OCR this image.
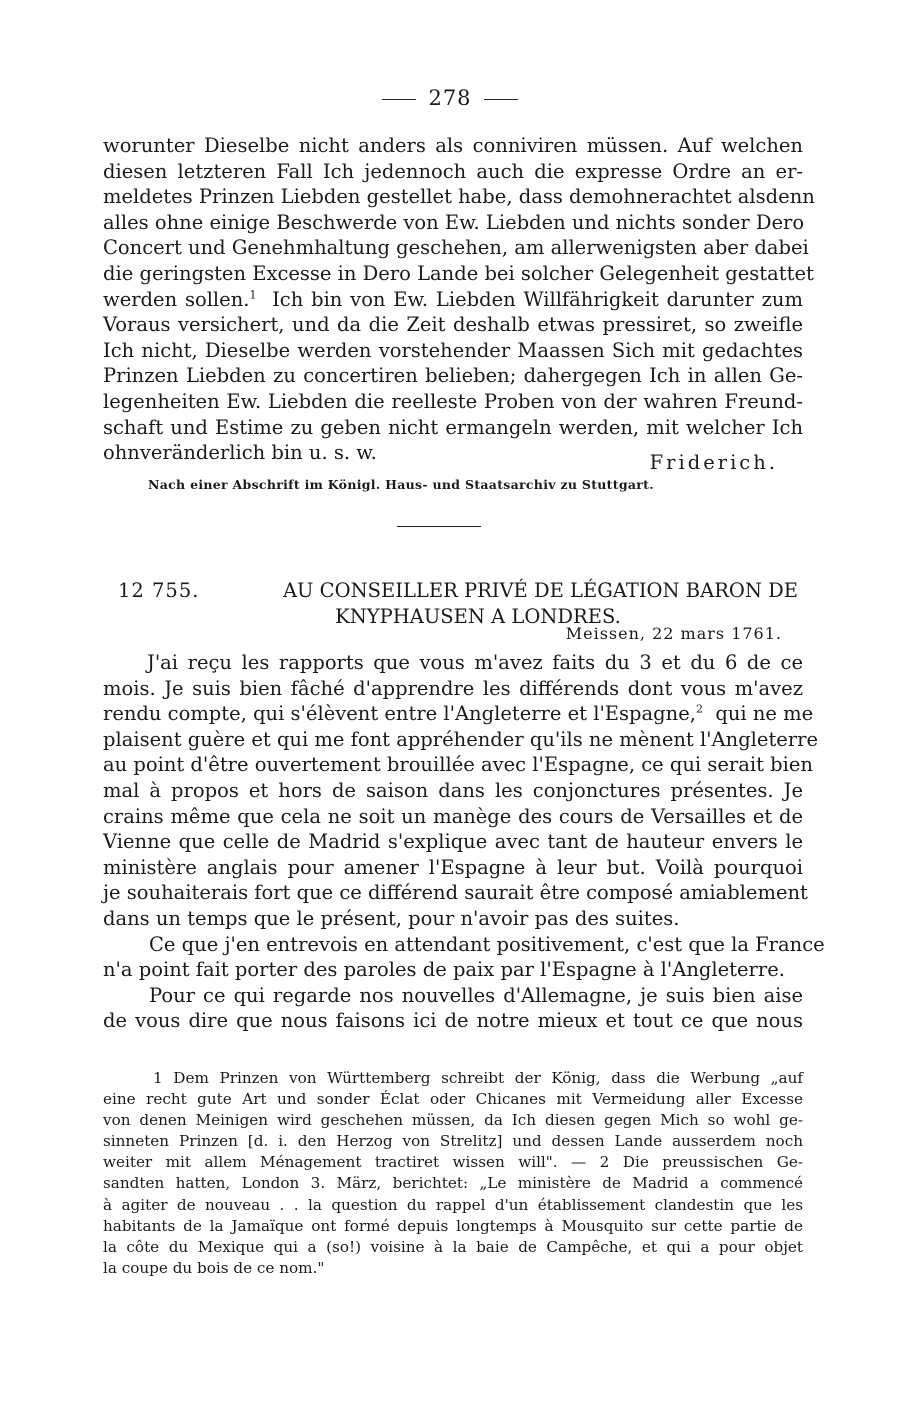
278
worunter Dieselbe nicht anders als conniviren müssen. Auf welchen
diesen letzteren Fall Ich jedennoch auch die expresse Ordre an er-
meldetes Prinzen Liebden gestellet habe, dass demohnerachtet alsdenn
alles ohne einige Beschwerde von Ew. Liebden und nichts sonder Dero
Concert und Genehmhaltung geschehen, am allerwenigsten aber dabei
die geringsten Excesse in Dero Lande bei solcher Gelegenheit gestattet
werden sollen.$^1$ Ich bin von Ew. Liebden Willfährigkeit darunter zum
Voraus versichert, und da die Zeit deshalb etwas pressiret, so zweifle
Ich nicht, Dieselbe werden vorstehender Maassen Sich mit gedachtes
Prinzen Liebden zu concertiren belieben; dahergegen Ich in allen Ge-
legenheiten Ew. Liebden die reelleste Proben von der wahren Freund-
schaft und Estime zu geben nicht ermangeln werden, mit welcher Ich
ohnveränderlich bin u. s. w.	Friderich.
Nach einer Abschrift im Königl. Haus- und Staatsarchiv zu Stuttgart.
12 755.	AU CONSEILLER PRIVÉ DE LÉGATION BARON DE
KNYPHAUSEN A LONDRES.
Meissen, 22 mars 1761.
J'ai reçu les rapports que vous m'avez faits du 3 et du 6 de ce
mois. Je suis bien fâché d'apprendre les différends dont vous m'avez
rendu compte, qui s'élèvent entre l'Angleterre et l'Espagne,$^2$ qui ne me
plaisent guère et qui me font appréhender qu'ils ne mènent l'Angleterre
au point d'être ouvertement brouillée avec l'Espagne, ce qui serait bien
mal à propos et hors de saison dans les conjonctures présentes. Je
crains même que cela ne soit un manège des cours de Versailles et de
Vienne que celle de Madrid s'explique avec tant de hauteur envers le
ministère anglais pour amener l'Espagne à leur but. Voilà pourquoi
je souhaiterais fort que ce différend saurait être composé amiablement
dans un temps que le présent, pour n'avoir pas des suites.
Ce que j'en entrevois en attendant positivement, c'est que la France
n'a point fait porter des paroles de paix par l'Espagne à l'Angleterre.
Pour ce qui regarde nos nouvelles d'Allemagne, je suis bien aise
de vous dire que nous faisons ici de notre mieux et tout ce que nous
1 Dem Prinzen von Württemberg schreibt der König, dass die Werbung „auf
eine recht gute Art und sonder Éclat oder Chicanes mit Vermeidung aller Excesse
von denen Meinigen wird geschehen müssen, da Ich diesen gegen Mich so wohl ge-
sinneten Prinzen [d. i. den Herzog von Strelitz] und dessen Lande ausserdem noch
weiter mit allem Ménagement tractiret wissen will". — 2 Die preussischen Ge-
sandten hatten, London 3. März, berichtet: „Le ministère de Madrid a commencé
à agiter de nouveau . . la question du rappel d'un établissement clandestin que les
habitants de la Jamaïque ont formé depuis longtemps à Mousquito sur cette partie de
la côte du Mexique qui a (so!) voisine à la baie de Campêche, et qui a pour objet
la coupe du bois de ce nom."
